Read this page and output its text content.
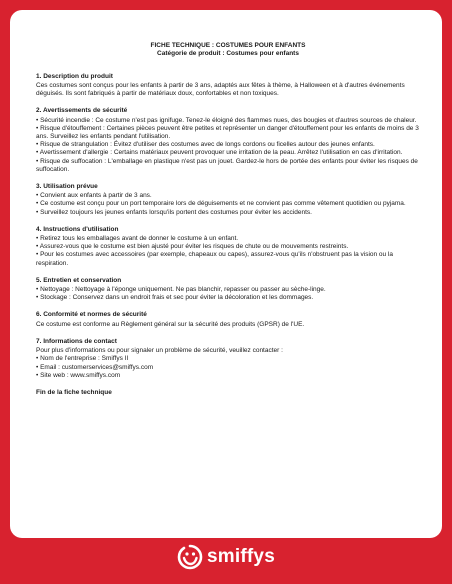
FICHE TECHNIQUE : COSTUMES POUR ENFANTS
Catégorie de produit : Costumes pour enfants
1. Description du produit
Ces costumes sont conçus pour les enfants à partir de 3 ans, adaptés aux fêtes à thème, à Halloween et à d'autres événements déguisés. Ils sont fabriqués à partir de matériaux doux, confortables et non toxiques.
2. Avertissements de sécurité
• Sécurité incendie : Ce costume n'est pas ignifuge. Tenez-le éloigné des flammes nues, des bougies et d'autres sources de chaleur.
• Risque d'étouffement : Certaines pièces peuvent être petites et représenter un danger d'étouffement pour les enfants de moins de 3 ans. Surveillez les enfants pendant l'utilisation.
• Risque de strangulation : Évitez d'utiliser des costumes avec de longs cordons ou ficelles autour des jeunes enfants.
• Avertissement d'allergie : Certains matériaux peuvent provoquer une irritation de la peau. Arrêtez l'utilisation en cas d'irritation.
• Risque de suffocation : L'emballage en plastique n'est pas un jouet. Gardez-le hors de portée des enfants pour éviter les risques de suffocation.
3. Utilisation prévue
• Convient aux enfants à partir de 3 ans.
• Ce costume est conçu pour un port temporaire lors de déguisements et ne convient pas comme vêtement quotidien ou pyjama.
• Surveillez toujours les jeunes enfants lorsqu'ils portent des costumes pour éviter les accidents.
4. Instructions d'utilisation
• Retirez tous les emballages avant de donner le costume à un enfant.
• Assurez-vous que le costume est bien ajusté pour éviter les risques de chute ou de mouvements restreints.
• Pour les costumes avec accessoires (par exemple, chapeaux ou capes), assurez-vous qu'ils n'obstruent pas la vision ou la respiration.
5. Entretien et conservation
• Nettoyage : Nettoyage à l'éponge uniquement. Ne pas blanchir, repasser ou passer au sèche-linge.
• Stockage : Conservez dans un endroit frais et sec pour éviter la décoloration et les dommages.
6. Conformité et normes de sécurité
Ce costume est conforme au Règlement général sur la sécurité des produits (GPSR) de l'UE.
7. Informations de contact
Pour plus d'informations ou pour signaler un problème de sécurité, veuillez contacter :
• Nom de l'entreprise : Smiffys II
• Email : customerservices@smiffys.com
• Site web : www.smiffys.com
Fin de la fiche technique
smiffys
